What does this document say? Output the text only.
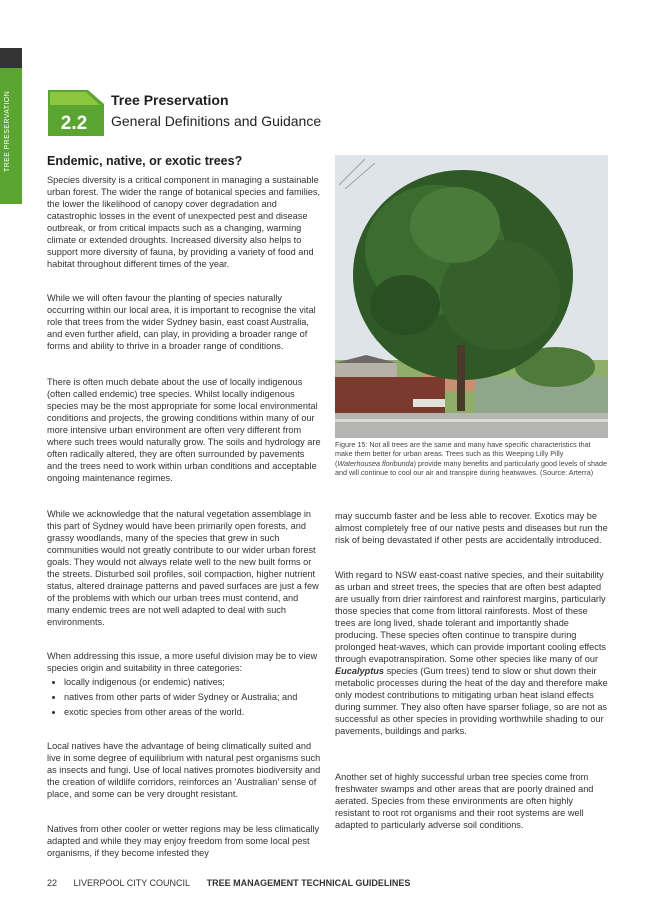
TREE PRESERVATION	2.2
Tree Preservation
General Definitions and Guidance
Endemic, native, or exotic trees?

Species diversity is a critical component in managing a sustainable urban forest. The wider the range of botanical species and families, the lower the likelihood of canopy cover degradation and catastrophic losses in the event of unexpected pest and disease outbreak, or from critical impacts such as a changing, warming climate or extended droughts. Increased diversity also helps to support more diversity of fauna, by providing a variety of food and habitat throughout different times of the year.

While we will often favour the planting of species naturally occurring within our local area, it is important to recognise the vital role that trees from the wider Sydney basin, east coast Australia, and even further afield, can play, in providing a broader range of forms and ability to thrive in a broader range of conditions.

There is often much debate about the use of locally indigenous (often called endemic) tree species. Whilst locally indigenous species may be the most appropriate for some local environmental conditions and projects, the growing conditions within many of our more intensive urban environment are often very different from where such trees would naturally grow. The soils and hydrology are often radically altered, they are often surrounded by pavements and the trees need to work within urban conditions and acceptable ongoing maintenance regimes.

While we acknowledge that the natural vegetation assemblage in this part of Sydney would have been primarily open forests, and grassy woodlands, many of the species that grew in such communities would not greatly contribute to our wider urban forest goals. They would not always relate well to the new built forms or the streets. Disturbed soil profiles, soil compaction, higher nutrient status, altered drainage patterns and paved surfaces are just a few of the problems with which our urban trees must contend, and many endemic trees are not well adapted to deal with such environments.

When addressing this issue, a more useful division may be to view species origin and suitability in three categories:

• locally indigenous (or endemic) natives;
• natives from other parts of wider Sydney or Australia; and
• exotic species from other areas of the world.

Local natives have the advantage of being climatically suited and live in some degree of equilibrium with natural pest organisms such as insects and fungi. Use of local natives promotes biodiversity and the creation of wildlife corridors, reinforces an ‘Australian’ sense of place, and some can be very drought resistant.

Natives from other cooler or wetter regions may be less climatically adapted and while they may enjoy freedom from some local pest organisms, if they become infested they

Figure 15: Not all trees are the same and many have specific characteristics that make them better for urban areas. Trees such as this Weeping Lilly Pilly (Waterhousea floribunda) provide many benefits and particularly good levels of shade and will continue to cool our air and transpire during heatwaves. (Source: Arterra)

may succumb faster and be less able to recover. Exotics may be almost completely free of our native pests and diseases but run the risk of being devastated if other pests are accidentally introduced.

With regard to NSW east-coast native species, and their suitability as urban and street trees, the species that are often best adapted are usually from drier rainforest and rainforest margins, particularly those species that come from littoral rainforests. Most of these trees are long lived, shade tolerant and importantly shade producing. These species often continue to transpire during prolonged heat-waves, which can provide important cooling effects through evapotranspiration. Some other species like many of our Eucalyptus species (Gum trees) tend to slow or shut down their metabolic processes during the heat of the day and therefore make only modest contributions to mitigating urban heat island effects during summer. They also often have sparser foliage, so are not as successful as other species in providing worthwhile shading to our pavements, buildings and parks.

Another set of highly successful urban tree species come from freshwater swamps and other areas that are poorly drained and aerated. Species from these environments are often highly resistant to root rot organisms and their root systems are well adapted to particularly adverse soil conditions.

22 LIVERPOOL CITY COUNCIL TREE MANAGEMENT TECHNICAL GUIDELINES
